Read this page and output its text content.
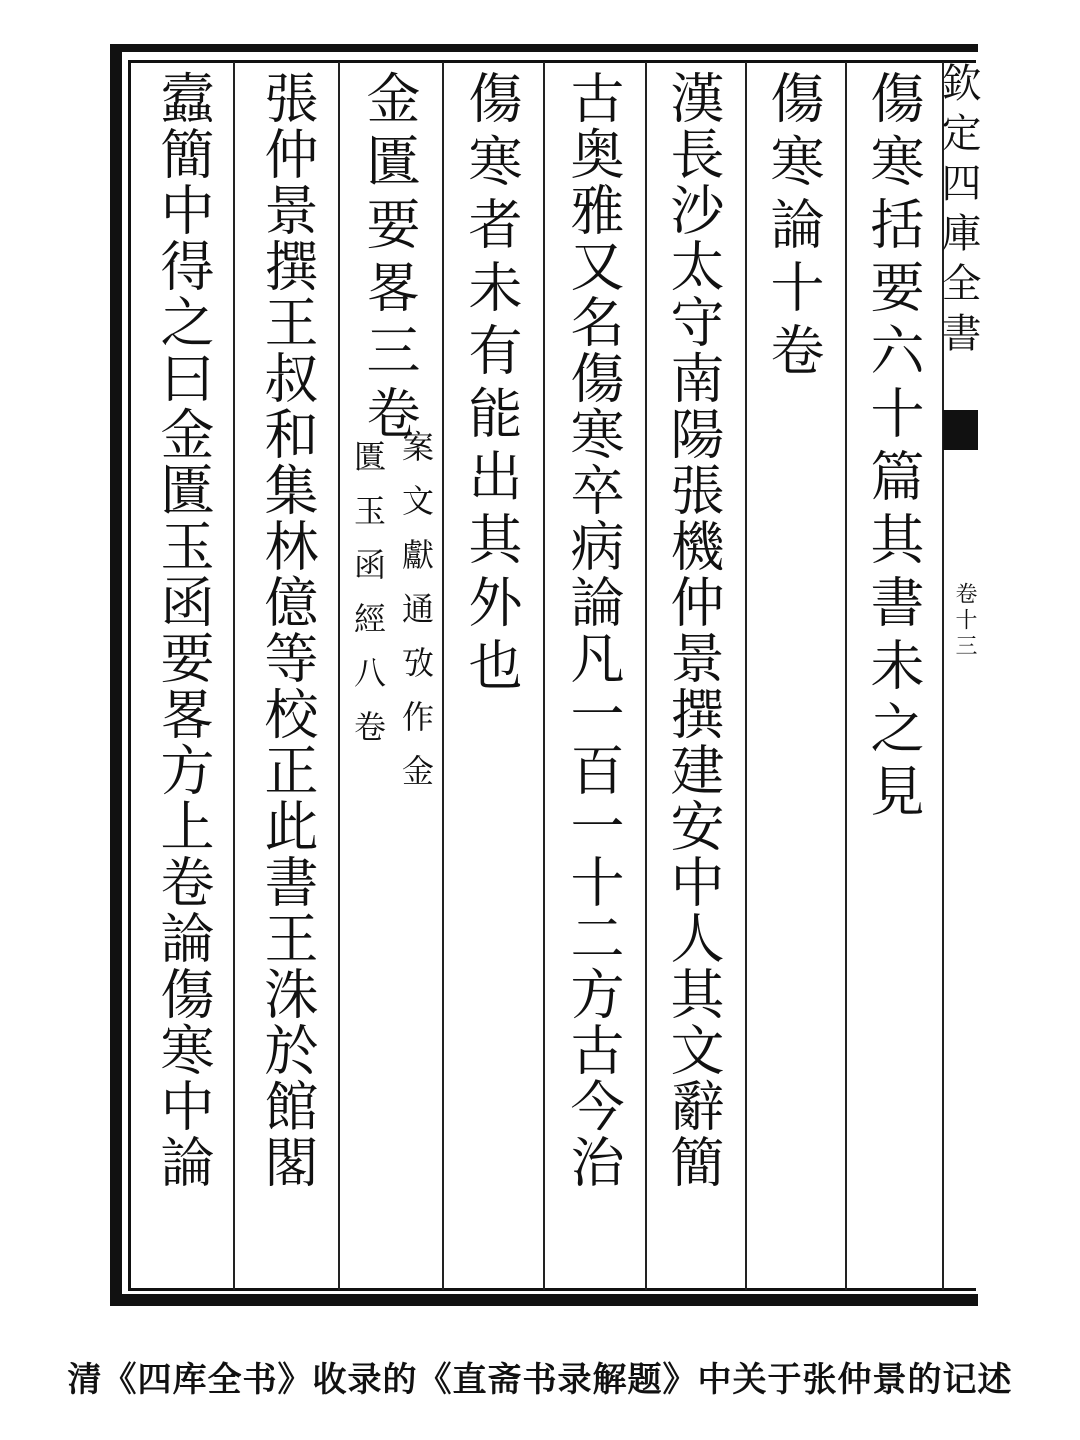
欽定四庫全書
卷十三
傷寒括要六十篇其書未之見
傷寒論十卷
漢長沙太守南陽張機仲景撰建安中人其文辭簡
古奥雅又名傷寒卒病論凡一百一十二方古今治
傷寒者未有能出其外也
金匱要畧三卷
案文獻通攷作金
匱玉函經八卷
張仲景撰王叔和集林億等校正此書王洙於館閣
蠧簡中得之曰金匱玉函要畧方上卷論傷寒中論
清《四库全书》收录的《直斋书录解题》中关于张仲景的记述
